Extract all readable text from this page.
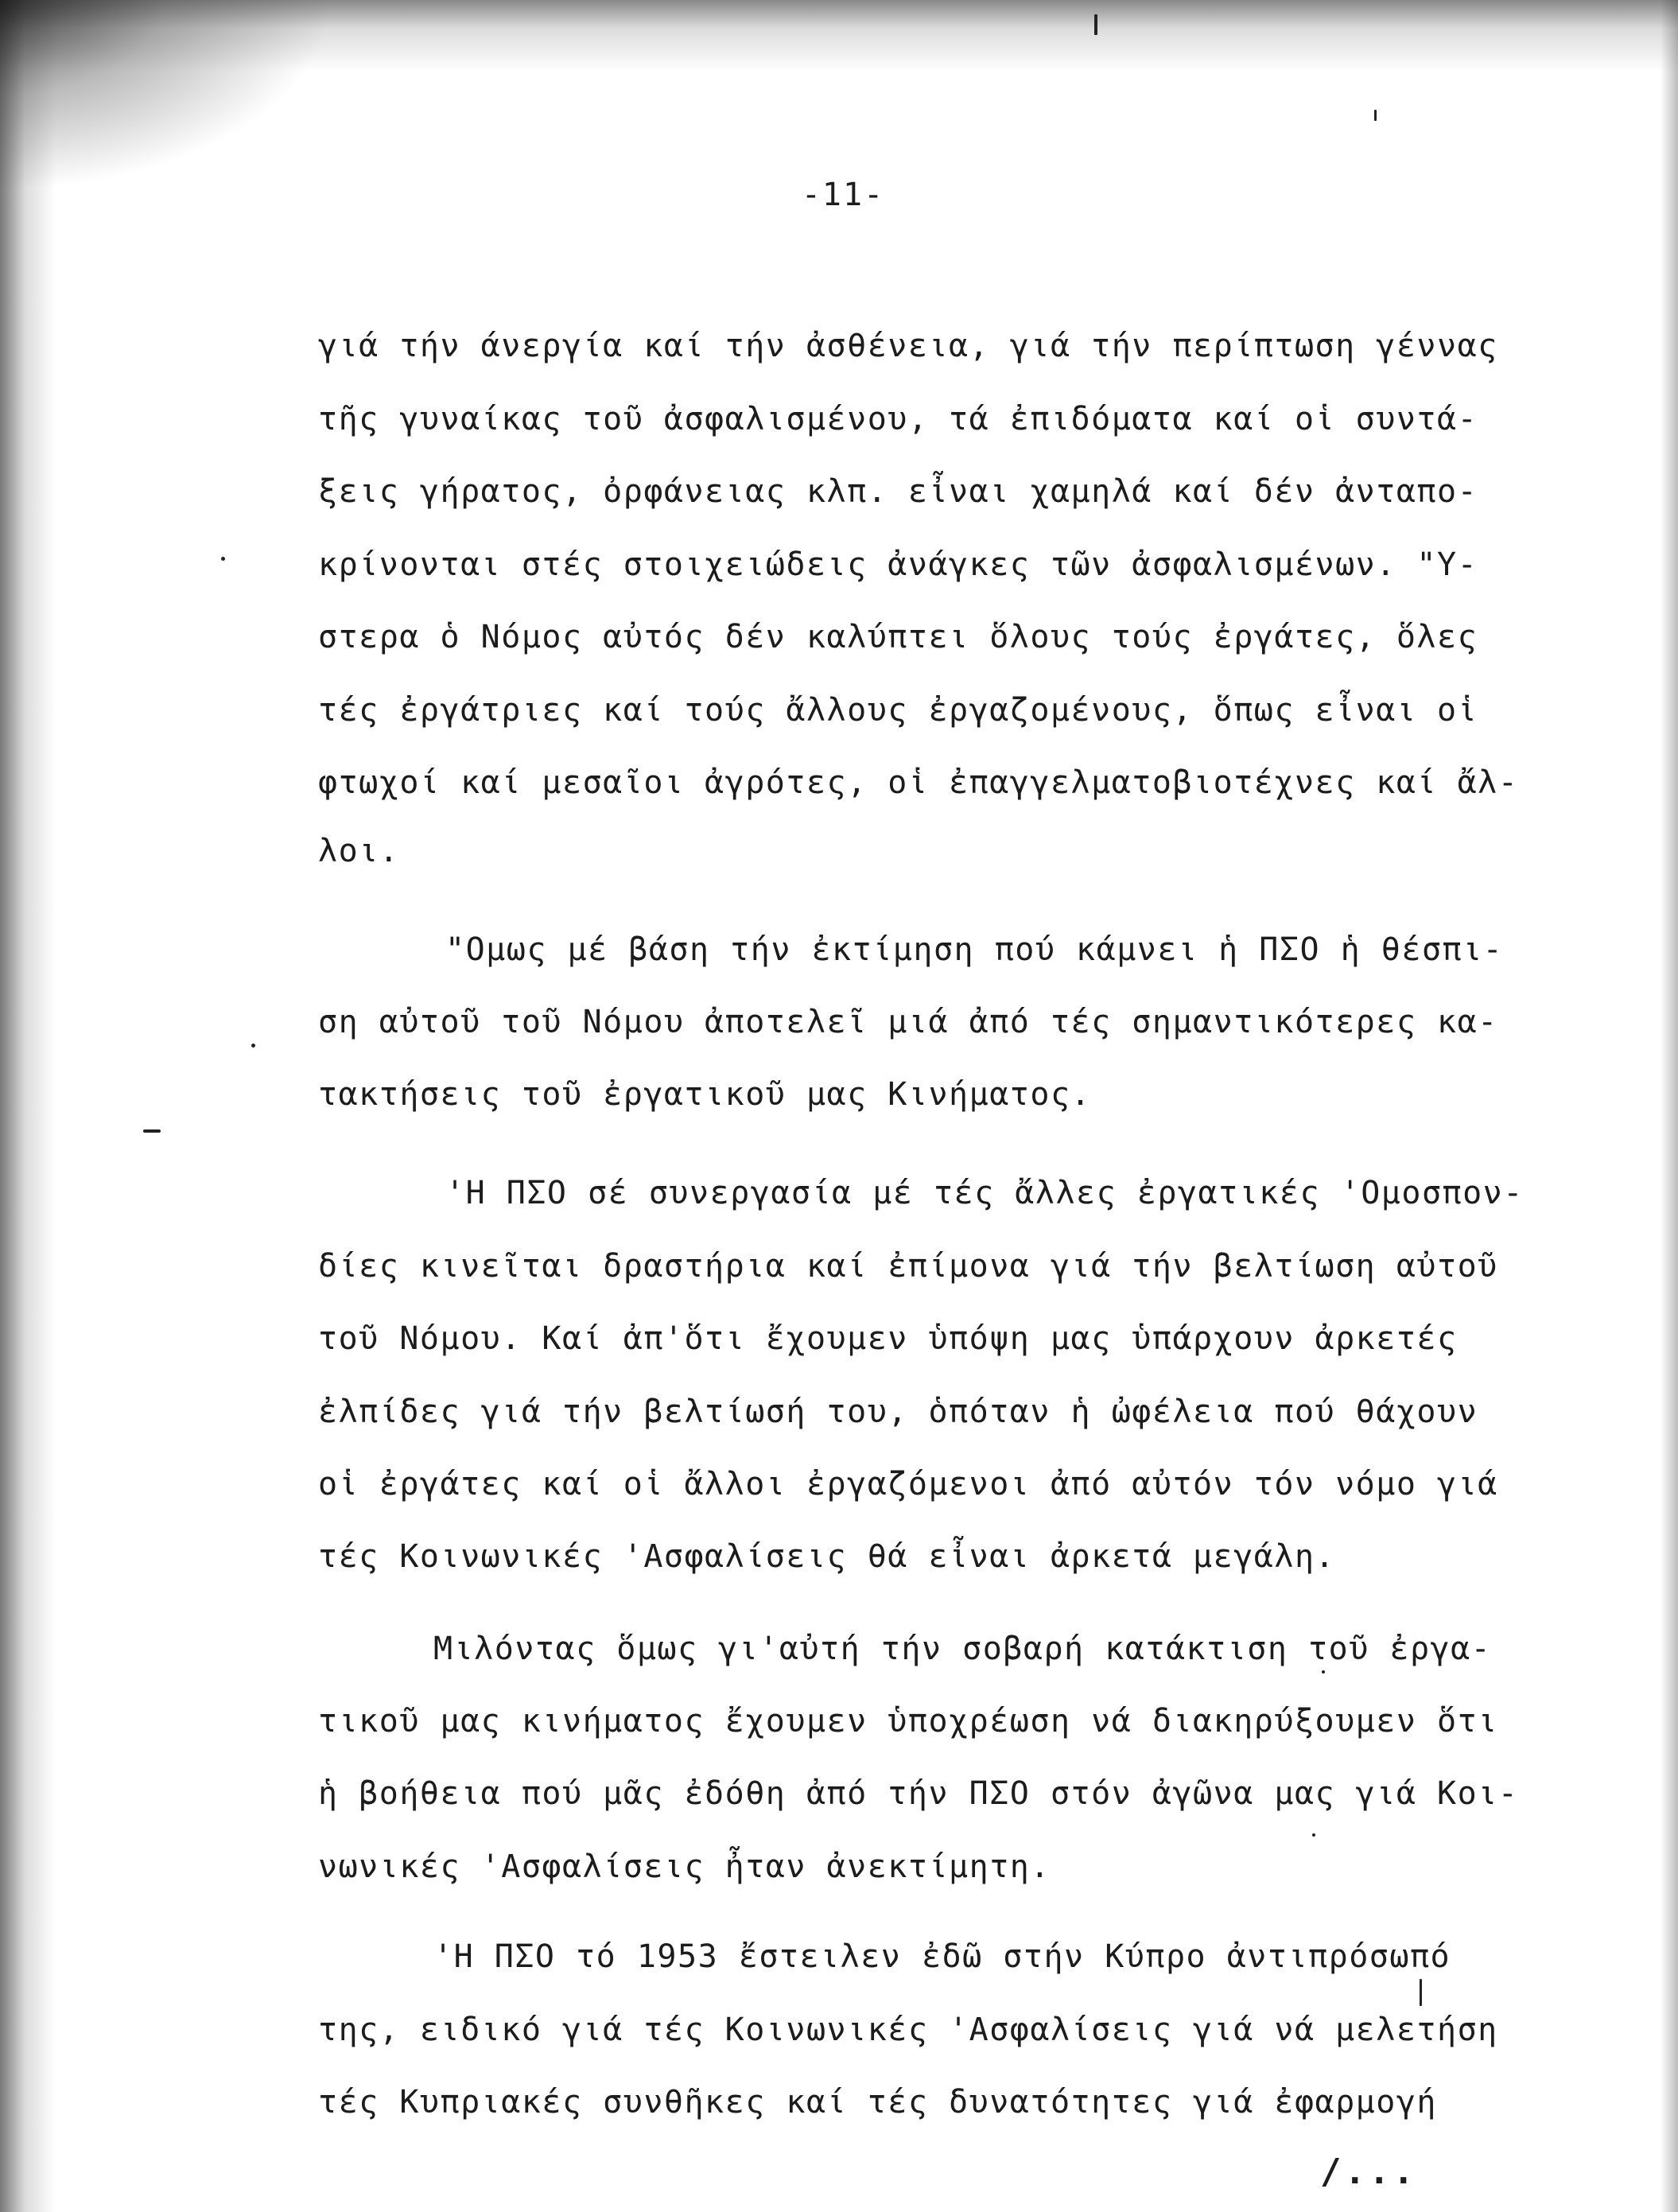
-11-
γιά τήν άνεργία καί τήν ἀσθένεια, γιά τήν περίπτωση γέννας
τῆς γυναίκας τοῦ ἀσφαλισμένου, τά ἐπιδόματα καί οἱ συντά-
ξεις γήρατος, ὀρφάνειας κλπ. εἶναι χαμηλά καί δέν ἀνταπο-
κρίνονται στές στοιχειώδεις ἀνάγκες τῶν ἀσφαλισμένων. "Υ-
στερα ὁ Νόμος αὐτός δέν καλύπτει ὅλους τούς ἐργάτες, ὅλες
τές ἐργάτριες καί τούς ἄλλους ἐργαζομένους, ὅπως εἶναι οἱ
φτωχοί καί μεσαῖοι ἀγρότες, οἱ ἐπαγγελματοβιοτέχνες καί ἄλ-
λοι.
"Ομως μέ βάση τήν ἐκτίμηση πού κάμνει ἡ ΠΣΟ ἡ θέσπι-
ση αὐτοῦ τοῦ Νόμου ἀποτελεῖ μιά ἀπό τές σημαντικότερες κα-
τακτήσεις τοῦ ἐργατικοῦ μας Κινήματος.
'Η ΠΣΟ σέ συνεργασία μέ τές ἄλλες ἐργατικές 'Ομοσπον-
δίες κινεῖται δραστήρια καί ἐπίμονα γιά τήν βελτίωση αὐτοῦ
τοῦ Νόμου. Καί ἀπ'ὅτι ἔχουμεν ὑπόψη μας ὑπάρχουν ἀρκετές
ἐλπίδες γιά τήν βελτίωσή του, ὁπόταν ἡ ὠφέλεια πού θάχουν
οἱ ἐργάτες καί οἱ ἄλλοι ἐργαζόμενοι ἀπό αὐτόν τόν νόμο γιά
τές Κοινωνικές 'Ασφαλίσεις θά εἶναι ἀρκετά μεγάλη.
Μιλόντας ὅμως γι'αὐτή τήν σοβαρή κατάκτιση τοῦ ἐργα-
τικοῦ μας κινήματος ἔχουμεν ὑποχρέωση νά διακηρύξουμεν ὅτι
ἡ βοήθεια πού μᾶς ἐδόθη ἀπό τήν ΠΣΟ στόν ἀγῶνα μας γιά Κοι-
νωνικές 'Ασφαλίσεις ἦταν ἀνεκτίμητη.
'Η ΠΣΟ τό 1953 ἔστειλεν ἐδῶ στήν Κύπρο ἀντιπρόσωπό
της, ειδικό γιά τές Κοινωνικές 'Ασφαλίσεις γιά νά μελετήση
τές Κυπριακές συνθῆκες καί τές δυνατότητες γιά ἐφαρμογή
/...
